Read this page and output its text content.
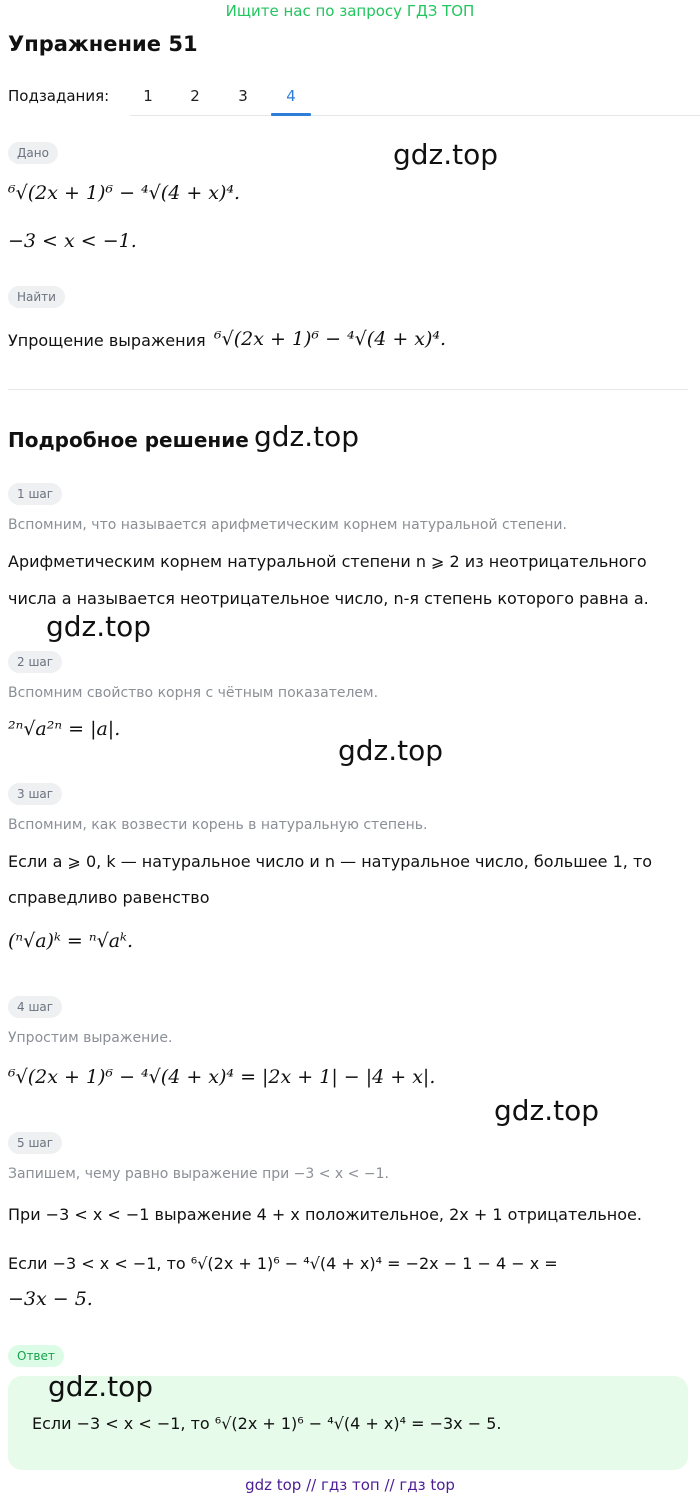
Ищите нас по запросу ГДЗ ТОП
Упражнение 51
Подзадания:	1	2	3	4
Дано	gdz.top
⁶√(2x + 1)⁶ − ⁴√(4 + x)⁴.
−3 < x < −1.
Найти
Упрощение выражения ⁶√(2x + 1)⁶ − ⁴√(4 + x)⁴.
Подробное решение gdz.top
1 шаг
Вспомним, что называется арифметическим корнем натуральной степени.
Арифметическим корнем натуральной степени n ⩾ 2 из неотрицательного
числа a называется неотрицательное число, n-я степень которого равна a.
gdz.top
2 шаг
Вспомним свойство корня с чётным показателем.
²ⁿ√a²ⁿ = |a|.
gdz.top
3 шаг
Вспомним, как возвести корень в натуральную степень.
Если a ⩾ 0, k — натуральное число и n — натуральное число, большее 1, то
справедливо равенство
(ⁿ√a)ᵏ = ⁿ√aᵏ.
4 шаг
Упростим выражение.
⁶√(2x + 1)⁶ − ⁴√(4 + x)⁴ = |2x + 1| − |4 + x|.
gdz.top
5 шаг
Запишем, чему равно выражение при −3 < x < −1.
При −3 < x < −1 выражение 4 + x положительное, 2x + 1 отрицательное.
Если −3 < x < −1, то ⁶√(2x + 1)⁶ − ⁴√(4 + x)⁴ = −2x − 1 − 4 − x =
−3x − 5.
Ответ
gdz.top
Если −3 < x < −1, то ⁶√(2x + 1)⁶ − ⁴√(4 + x)⁴ = −3x − 5.
gdz top // гдз топ // гдз top
